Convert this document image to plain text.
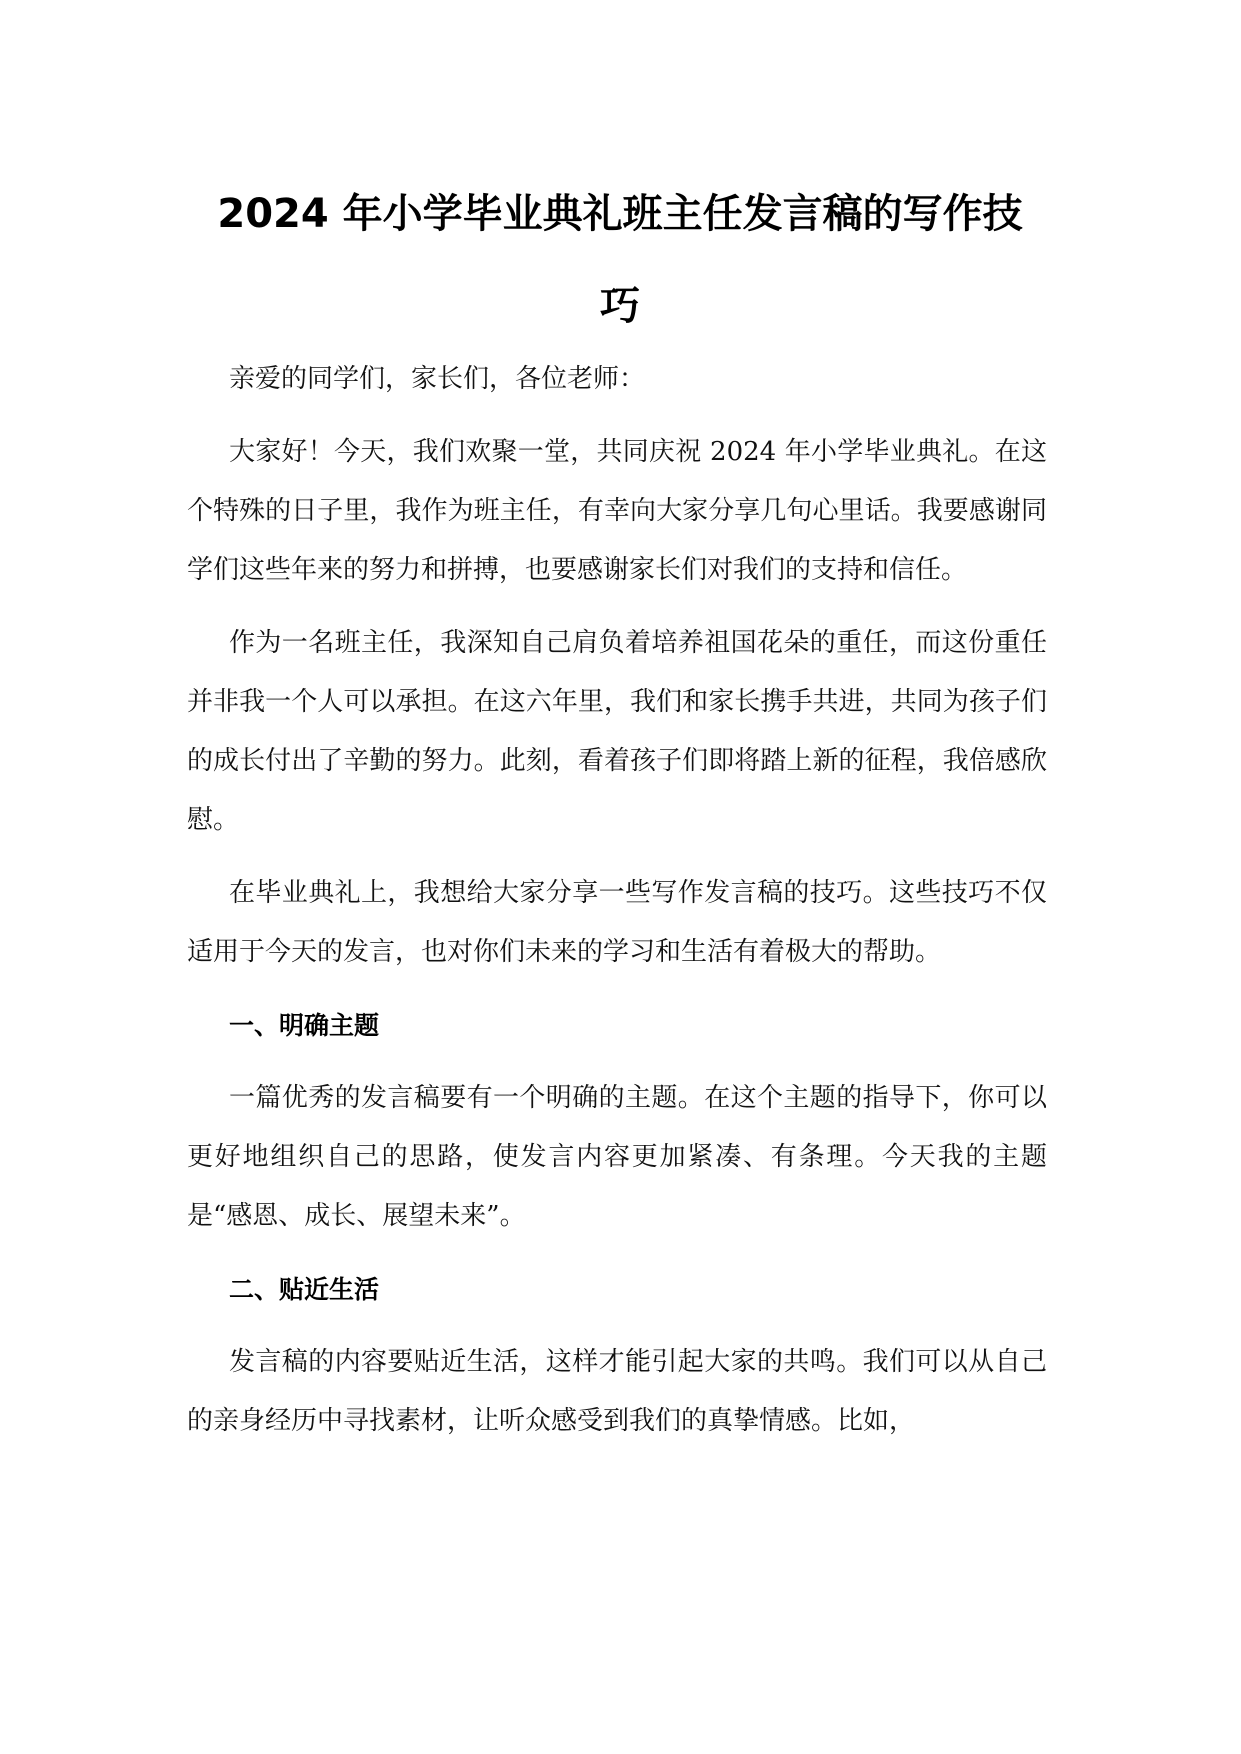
2024 年小学毕业典礼班主任发言稿的写作技
巧

亲爱的同学们，家长们，各位老师：

大家好！今天，我们欢聚一堂，共同庆祝 2024 年小学毕业典礼。在这个特殊的日子里，我作为班主任，有幸向大家分享几句心里话。我要感谢同学们这些年来的努力和拼搏，也要感谢家长们对我们的支持和信任。

作为一名班主任，我深知自己肩负着培养祖国花朵的重任，而这份重任并非我一个人可以承担。在这六年里，我们和家长携手共进，共同为孩子们的成长付出了辛勤的努力。此刻，看着孩子们即将踏上新的征程，我倍感欣慰。

在毕业典礼上，我想给大家分享一些写作发言稿的技巧。这些技巧不仅适用于今天的发言，也对你们未来的学习和生活有着极大的帮助。

一、明确主题

一篇优秀的发言稿要有一个明确的主题。在这个主题的指导下，你可以更好地组织自己的思路，使发言内容更加紧凑、有条理。今天我的主题是“感恩、成长、展望未来”。

二、贴近生活

发言稿的内容要贴近生活，这样才能引起大家的共鸣。我们可以从自己的亲身经历中寻找素材，让听众感受到我们的真挚情感。比如，
